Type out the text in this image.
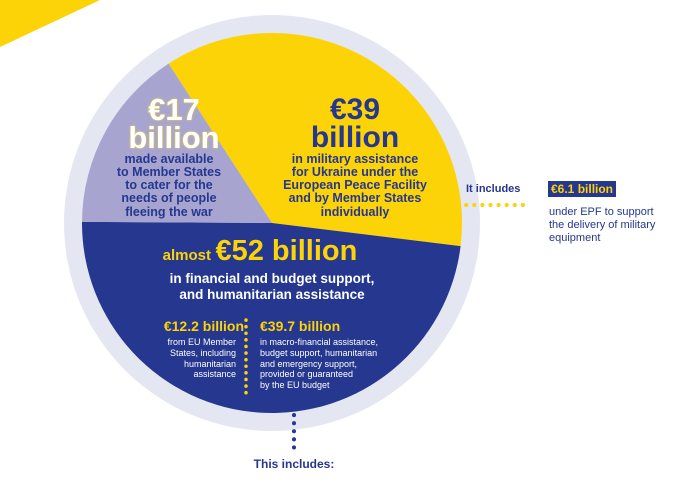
€17
billion
made available
to Member States
to cater for the
needs of people
fleeing the war
€39
billion
in military assistance
for Ukraine under the
European Peace Facility
and by Member States
individually
almost €52 billion
in financial and budget support,
and humanitarian assistance
€12.2 billion
from EU Member
States, including
humanitarian
assistance
€39.7 billion
in macro-financial assistance,
budget support, humanitarian
and emergency support,
provided or guaranteed
by the EU budget
It includes	€6.1 billion
under EPF to support
the delivery of military
equipment
This includes:
